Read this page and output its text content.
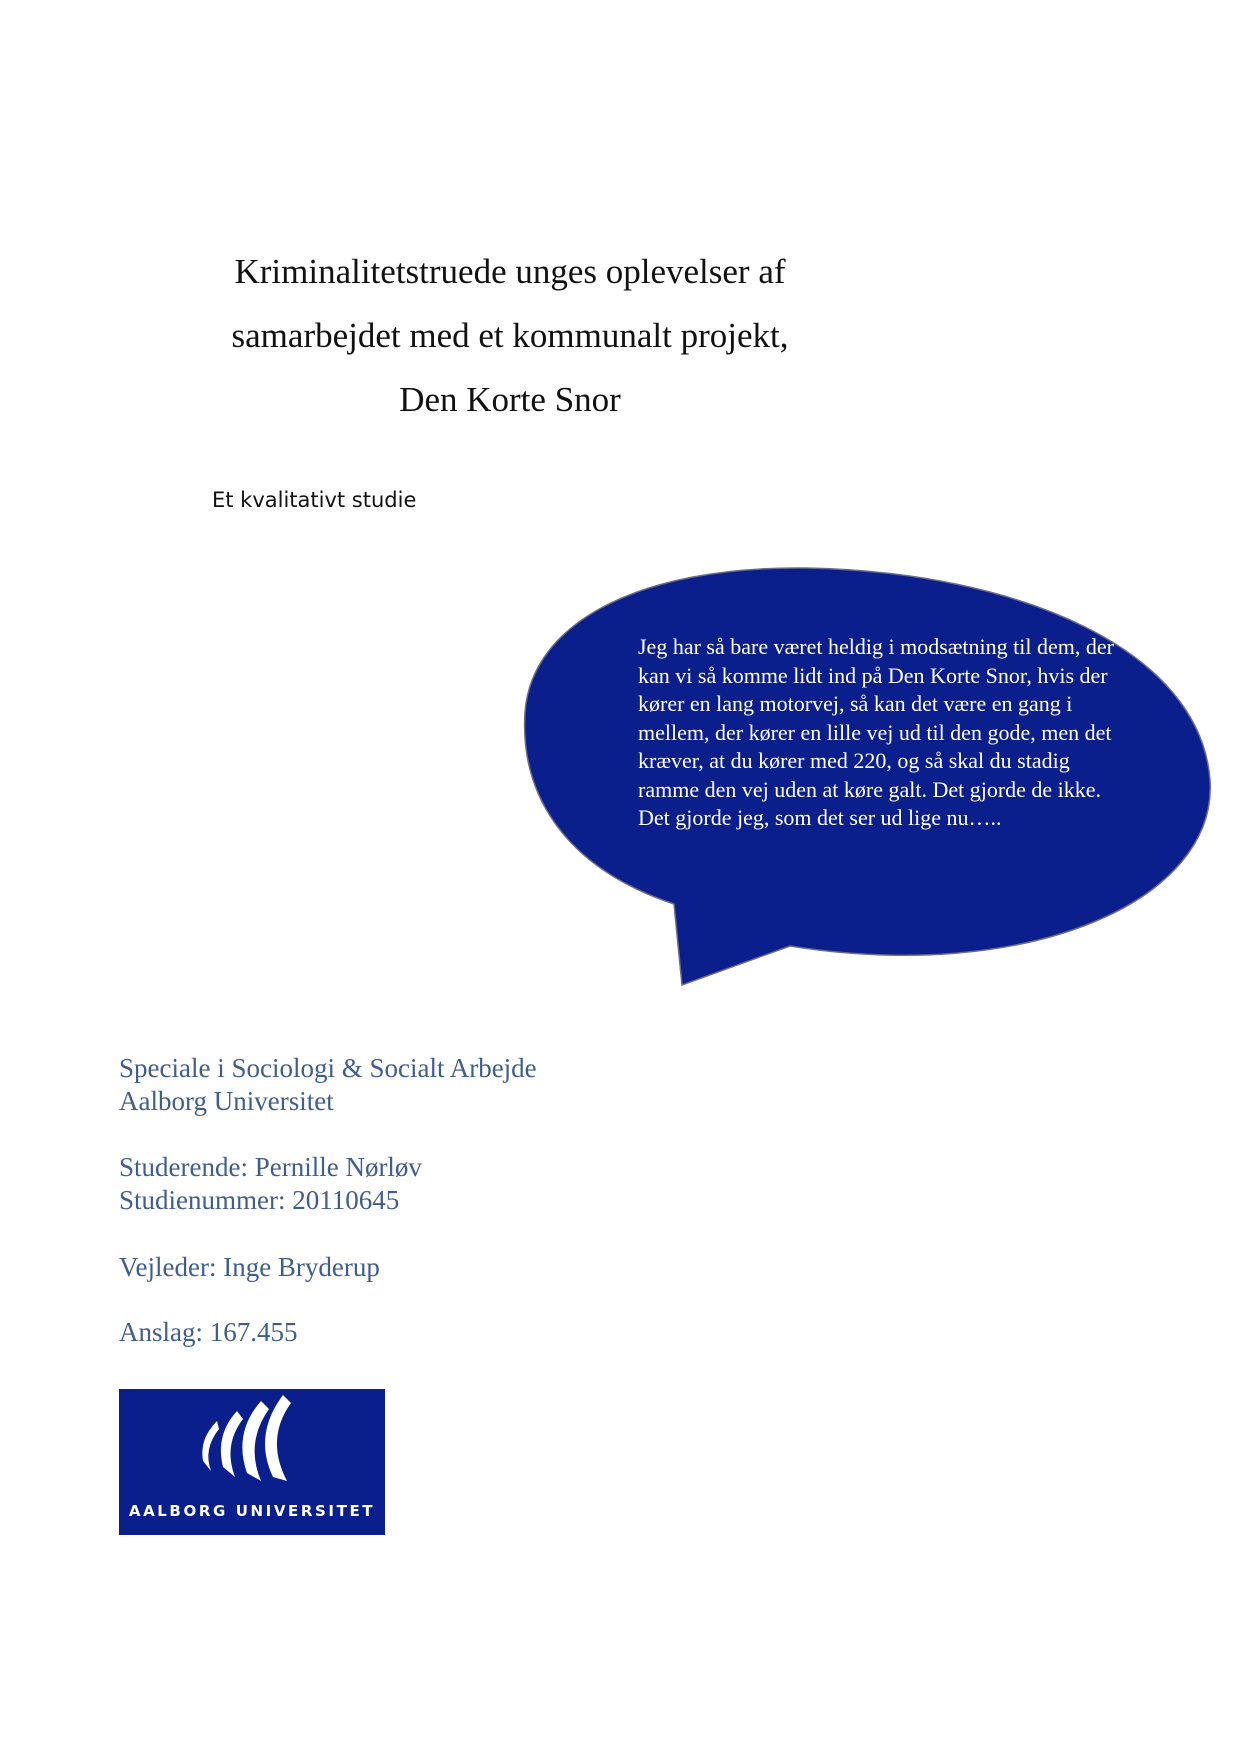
Kriminalitetstruede unges oplevelser af
samarbejdet med et kommunalt projekt,
Den Korte Snor

Et kvalitativt studie

Jeg har så bare været heldig i modsætning til dem, der kan vi så komme lidt ind på Den Korte Snor, hvis der kører en lang motorvej, så kan det være en gang i mellem, der kører en lille vej ud til den gode, men det kræver, at du kører med 220, og så skal du stadig ramme den vej uden at køre galt. Det gjorde de ikke. Det gjorde jeg, som det ser ud lige nu…..

Speciale i Sociologi & Socialt Arbejde
Aalborg Universitet

Studerende: Pernille Nørløv
Studienummer: 20110645

Vejleder: Inge Bryderup

Anslag: 167.455

AALBORG UNIVERSITET
